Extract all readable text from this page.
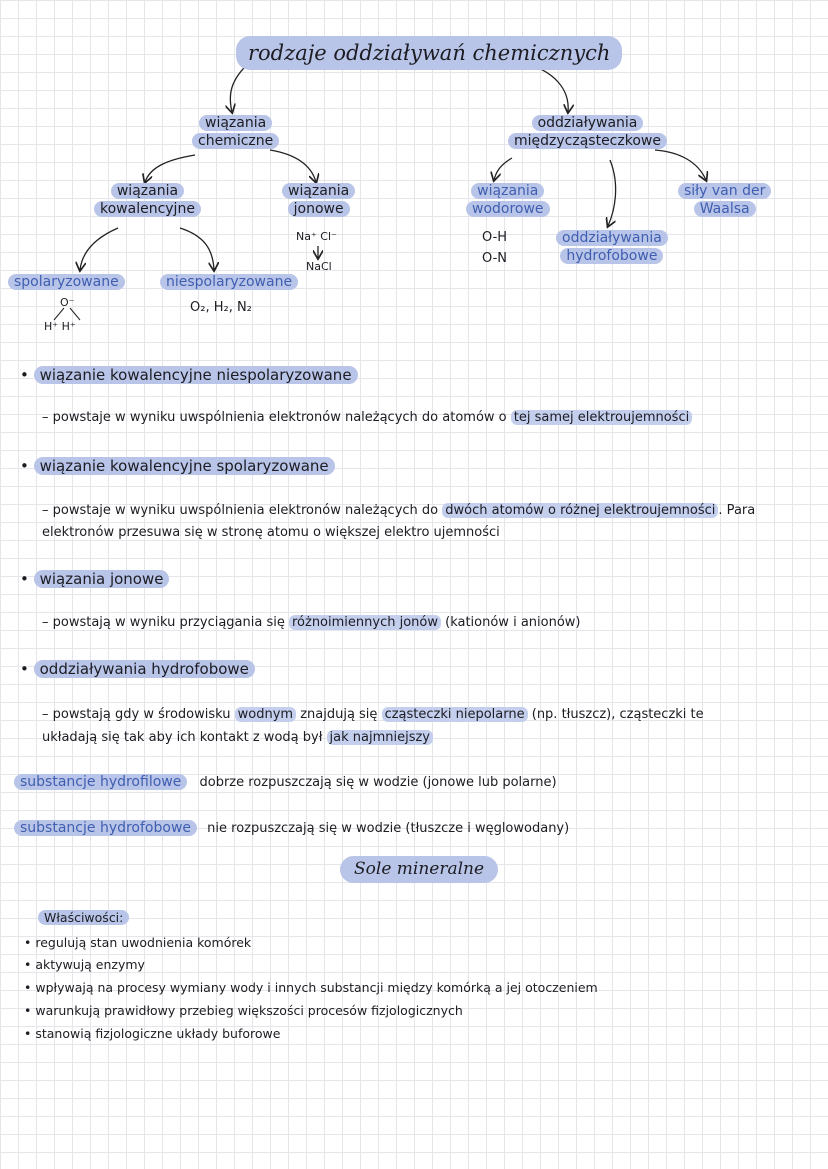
rodzaje oddziaływań chemicznych
wiązania
chemiczne
oddziaływania
międzycząsteczkowe
wiązania
kowalencyjne
wiązania
jonowe
Na⁺ Cl⁻
NaCl
wiązania
wodorowe
O-H
O-N
oddziaływania
hydrofobowe
siły van der
Waalsa
spolaryzowane
O⁻
H⁺ H⁺
niespolaryzowane
O₂, H₂, N₂
• wiązanie kowalencyjne niespolaryzowane
– powstaje w wyniku uwspólnienia elektronów należących do atomów o tej samej elektroujemności
• wiązanie kowalencyjne spolaryzowane
– powstaje w wyniku uwspólnienia elektronów należących do dwóch atomów o różnej elektroujemności . Para
elektronów przesuwa się w stronę atomu o większej elektro ujemności
• wiązania jonowe
– powstają w wyniku przyciągania się różnoimiennych jonów (kationów i anionów)
• oddziaływania hydrofobowe
– powstają gdy w środowisku wodnym znajdują się cząsteczki niepolarne (np. tłuszcz), cząsteczki te
układają się tak aby ich kontakt z wodą był jak najmniejszy
substancje hydrofilowe dobrze rozpuszczają się w wodzie (jonowe lub polarne)
substancje hydrofobowe nie rozpuszczają się w wodzie (tłuszcze i węglowodany)
Sole mineralne
Właściwości:
• regulują stan uwodnienia komórek
• aktywują enzymy
• wpływają na procesy wymiany wody i innych substancji między komórką a jej otoczeniem
• warunkują prawidłowy przebieg większości procesów fizjologicznych
• stanowią fizjologiczne układy buforowe
